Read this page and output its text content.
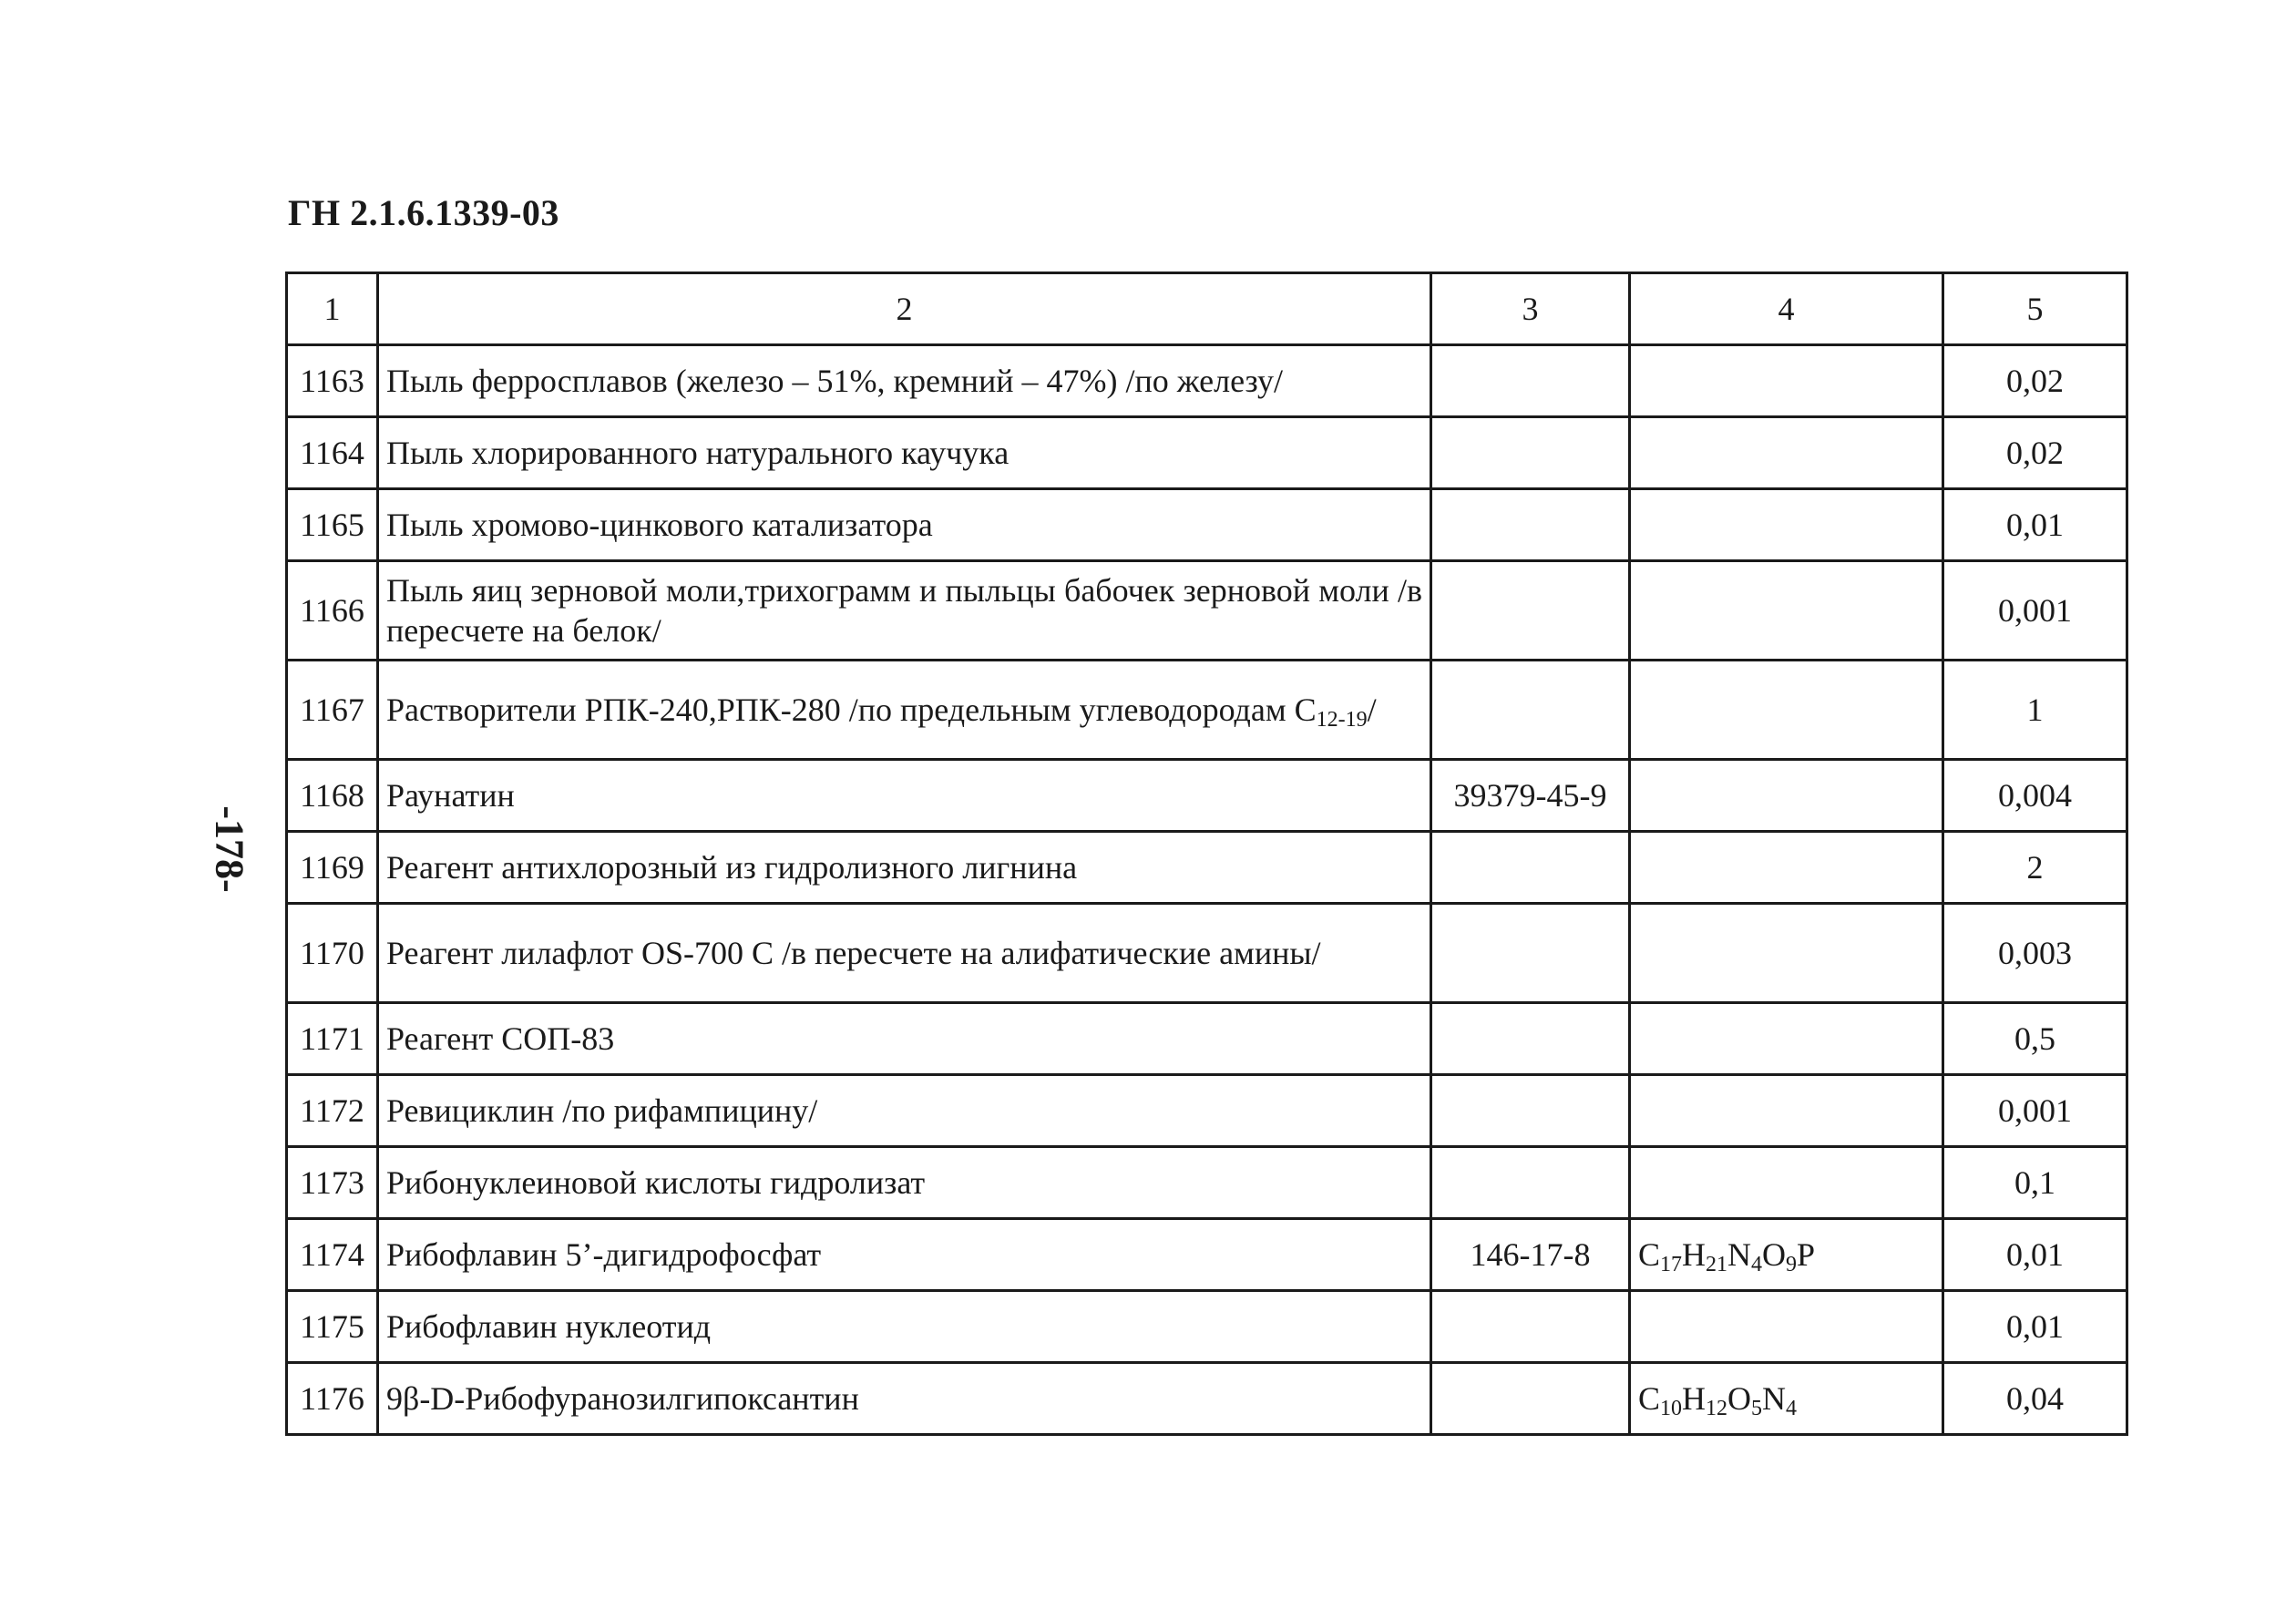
ГН 2.1.6.1339-03
-178-
1	2	3	4	5
1163	Пыль ферросплавов (железо – 51%, кремний – 47%) /по железу/			0,02
1164	Пыль хлорированного натурального каучука			0,02
1165	Пыль хромово-цинкового катализатора			0,01
1166	Пыль яиц зерновой моли,трихограмм и пыльцы бабочек зерновой моли /в пересчете на белок/			0,001
1167	Растворители РПК-240,РПК-280 /по предельным углеводородам $C_{12-19}/$			1
1168	Раунатин	39379-45-9		0,004
1169	Реагент антихлорозный из гидролизного лигнина			2
1170	Реагент лилафлот OS-700 C /в пересчете на алифатические амины/			0,003
1171	Реагент СОП-83			0,5
1172	Ревициклин /по рифампицину/			0,001
1173	Рибонуклеиновой кислоты гидролизат			0,1
1174	Рибофлавин 5’-дигидрофосфат	146-17-8	$C_{17}H_{21}N_4O_9P$	0,01
1175	Рибофлавин нуклеотид			0,01
1176	9β-D-Рибофуранозилгипоксантин		$C_{10}H_{12}O_5N_4$	0,04
